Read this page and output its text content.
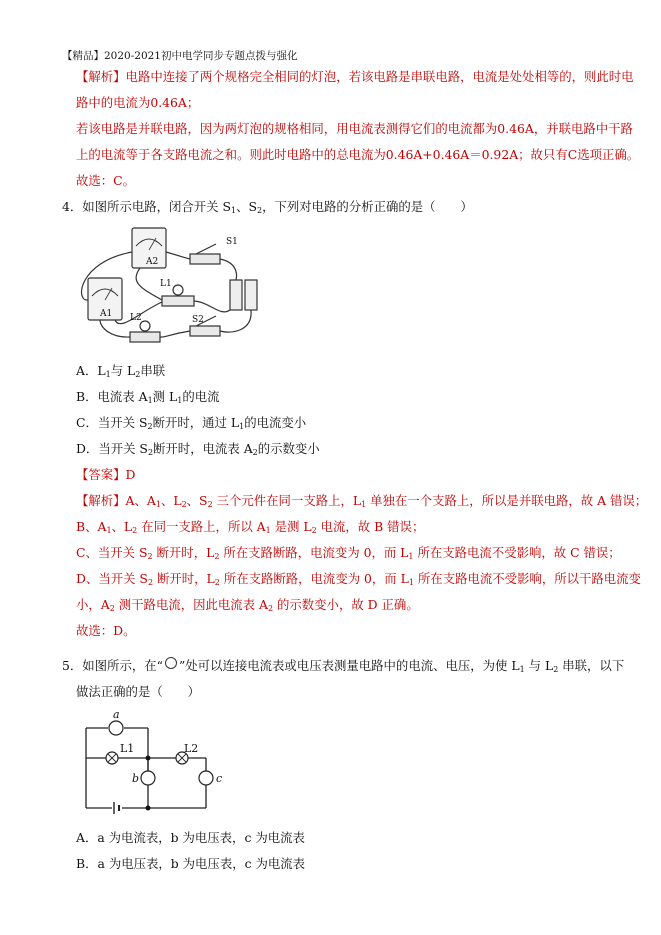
【精品】2020-2021初中电学同步专题点拨与强化
【解析】电路中连接了两个规格完全相同的灯泡，若该电路是串联电路，电流是处处相等的，则此时电
路中的电流为0.46A；
若该电路是并联电路，因为两灯泡的规格相同，用电流表测得它们的电流都为0.46A，并联电路中干路
上的电流等于各支路电流之和。则此时电路中的总电流为0.46A+0.46A＝0.92A；故只有C选项正确。
故选：C。
4．如图所示电路，闭合开关 $S_1$、$S_2$，下列对电路的分析正确的是（　　）
S1
A2
L1
A1 L2	S2
A．$L_1$与 $L_2$串联
B．电流表 $A_1$测 $L_1$的电流
C．当开关 $S_2$断开时，通过 $L_1$的电流变小
D．当开关 $S_2$断开时，电流表 $A_2$的示数变小
【答案】D
【解析】A、$A_1$、$L_2$、$S_2$ 三个元件在同一支路上，$L_1$ 单独在一个支路上，所以是并联电路，故 A 错误；
B、$A_1$、$L_2$ 在同一支路上，所以 $A_1$ 是测 $L_2$ 电流，故 B 错误；
C、当开关 $S_2$ 断开时，$L_2$ 所在支路断路，电流变为 0，而 $L_1$ 所在支路电流不受影响，故 C 错误；
D、当开关 $S_2$ 断开时，$L_2$ 所在支路断路，电流变为 0，而 $L_1$ 所在支路电流不受影响，所以干路电流变
小，$A_2$ 测干路电流，因此电流表 $A_2$ 的示数变小，故 D 正确。
故选：D。
5．如图所示，在“ ”处可以连接电流表或电压表测量电路中的电流、电压，为使 $L_1$ 与 $L_2$ 串联，以下
做法正确的是（　　）
a
L1	L2
b	c
A．a 为电流表，b 为电压表，c 为电流表
B．a 为电压表，b 为电压表，c 为电流表
